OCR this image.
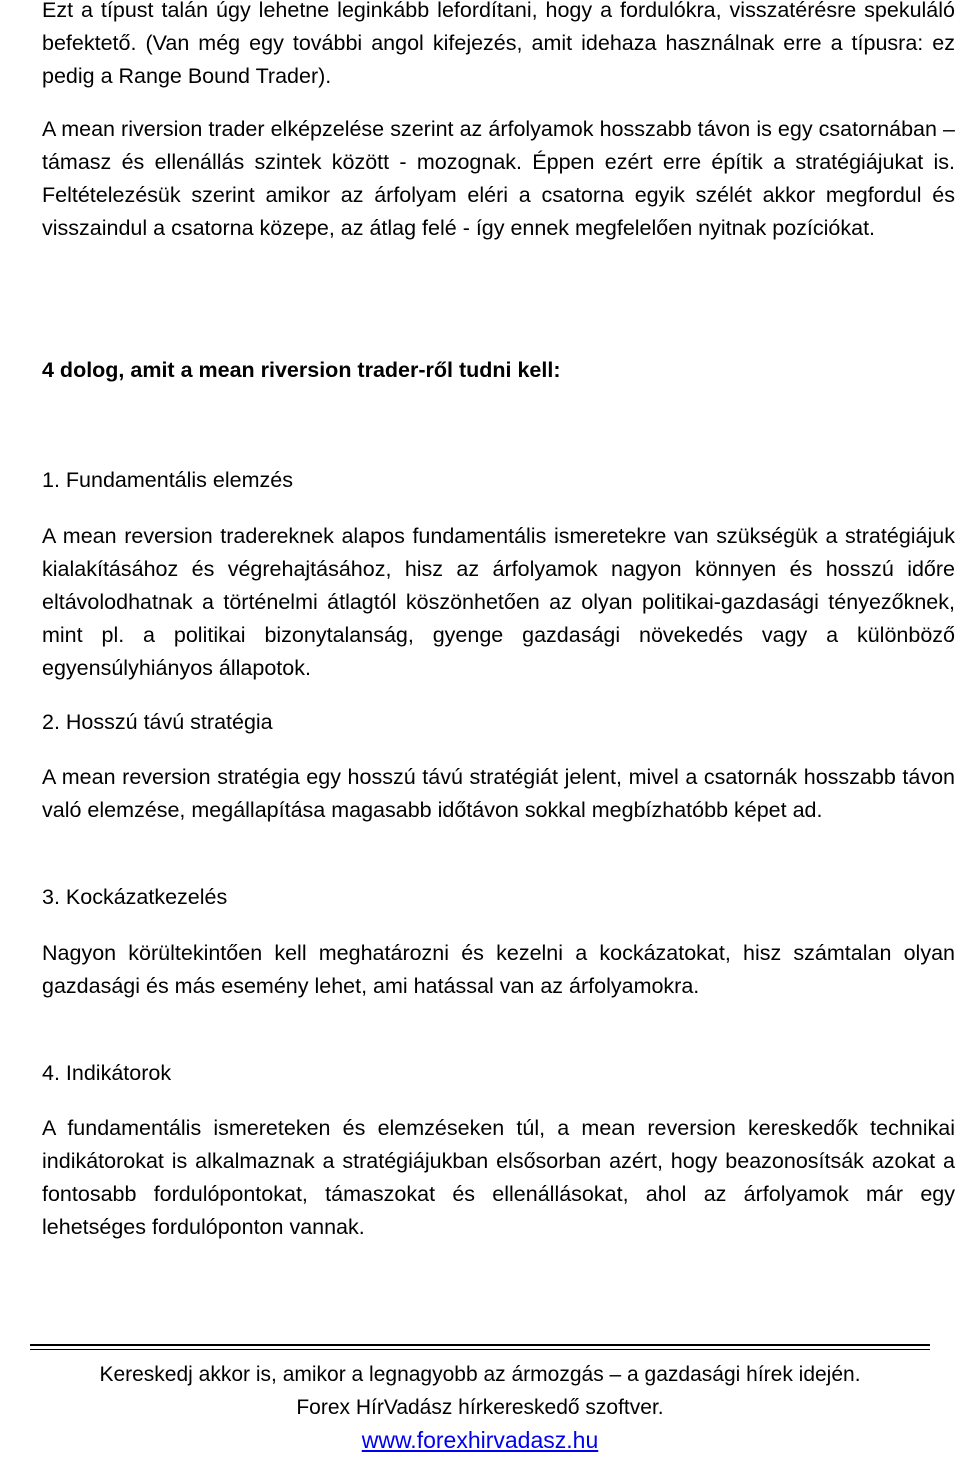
Ezt a típust talán úgy lehetne leginkább lefordítani, hogy a fordulókra, visszatérésre spekuláló befektető. (Van még egy további angol kifejezés, amit idehaza használnak erre a típusra: ez pedig a Range Bound Trader).

A mean riversion trader elképzelése szerint az árfolyamok hosszabb távon is egy csatornában – támasz és ellenállás szintek között - mozognak. Éppen ezért erre építik a stratégiájukat is. Feltételezésük szerint amikor az árfolyam eléri a csatorna egyik szélét akkor megfordul és visszaindul a csatorna közepe, az átlag felé - így ennek megfelelően nyitnak pozíciókat.

4 dolog, amit a mean riversion trader-ről tudni kell:

1. Fundamentális elemzés

A mean reversion tradereknek alapos fundamentális ismeretekre van szükségük a stratégiájuk kialakításához és végrehajtásához, hisz az árfolyamok nagyon könnyen és hosszú időre eltávolodhatnak a történelmi átlagtól köszönhetően az olyan politikai-gazdasági tényezőknek, mint pl. a politikai bizonytalanság, gyenge gazdasági növekedés vagy a különböző egyensúlyhiányos állapotok.

2. Hosszú távú stratégia

A mean reversion stratégia egy hosszú távú stratégiát jelent, mivel a csatornák hosszabb távon való elemzése, megállapítása magasabb időtávon sokkal megbízhatóbb képet ad.

3. Kockázatkezelés

Nagyon körültekintően kell meghatározni és kezelni a kockázatokat, hisz számtalan olyan gazdasági és más esemény lehet, ami hatással van az árfolyamokra.

4. Indikátorok

A fundamentális ismereteken és elemzéseken túl, a mean reversion kereskedők technikai indikátorokat is alkalmaznak a stratégiájukban elsősorban azért, hogy beazonosítsák azokat a fontosabb fordulópontokat, támaszokat és ellenállásokat, ahol az árfolyamok már egy lehetséges fordulóponton vannak.

Kereskedj akkor is, amikor a legnagyobb az ármozgás – a gazdasági hírek idején.
Forex HírVadász hírkereskedő szoftver.
www.forexhirvadasz.hu
